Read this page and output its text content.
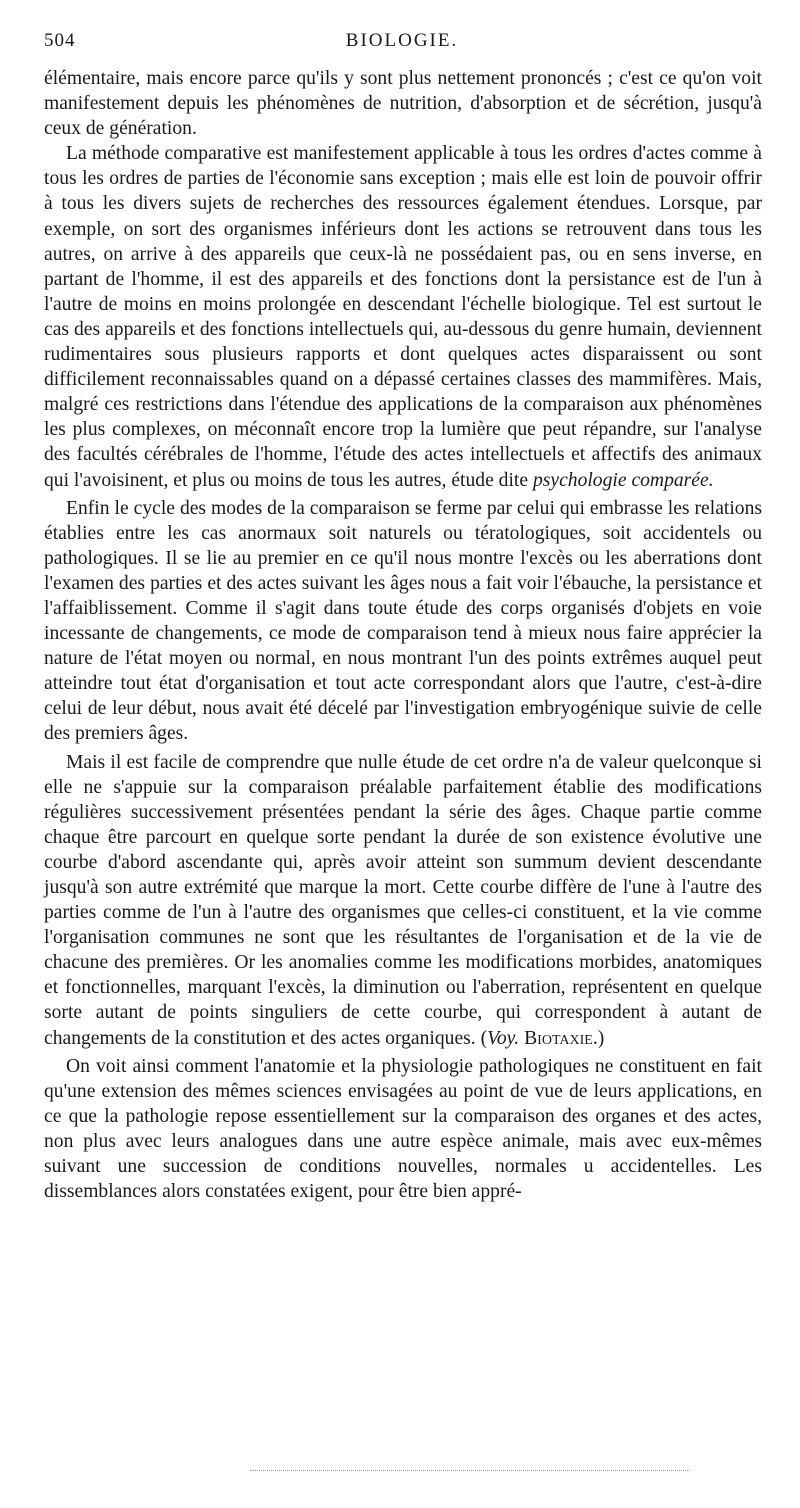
504	BIOLOGIE.

élémentaire, mais encore parce qu'ils y sont plus nettement prononcés ; c'est ce qu'on voit manifestement depuis les phénomènes de nutrition, d'absorption et de sécrétion, jusqu'à ceux de génération.

La méthode comparative est manifestement applicable à tous les ordres d'actes comme à tous les ordres de parties de l'économie sans exception ; mais elle est loin de pouvoir offrir à tous les divers sujets de recherches des ressources également étendues. Lorsque, par exemple, on sort des organismes inférieurs dont les actions se retrouvent dans tous les autres, on arrive à des appareils que ceux-là ne possédaient pas, ou en sens inverse, en partant de l'homme, il est des appareils et des fonctions dont la persistance est de l'un à l'autre de moins en moins prolongée en descendant l'échelle biologique. Tel est surtout le cas des appareils et des fonctions intellectuels qui, au-dessous du genre humain, deviennent rudimentaires sous plusieurs rapports et dont quelques actes disparaissent ou sont difficilement reconnaissables quand on a dépassé certaines classes des mammifères. Mais, malgré ces restrictions dans l'étendue des applications de la comparaison aux phénomènes les plus complexes, on méconnaît encore trop la lumière que peut répandre, sur l'analyse des facultés cérébrales de l'homme, l'étude des actes intellectuels et affectifs des animaux qui l'avoisinent, et plus ou moins de tous les autres, étude dite psychologie comparée.

Enfin le cycle des modes de la comparaison se ferme par celui qui embrasse les relations établies entre les cas anormaux soit naturels ou tératologiques, soit accidentels ou pathologiques. Il se lie au premier en ce qu'il nous montre l'excès ou les aberrations dont l'examen des parties et des actes suivant les âges nous a fait voir l'ébauche, la persistance et l'affaiblissement. Comme il s'agit dans toute étude des corps organisés d'objets en voie incessante de changements, ce mode de comparaison tend à mieux nous faire apprécier la nature de l'état moyen ou normal, en nous montrant l'un des points extrêmes auquel peut atteindre tout état d'organisation et tout acte correspondant alors que l'autre, c'est-à-dire celui de leur début, nous avait été décelé par l'investigation embryogénique suivie de celle des premiers âges.

Mais il est facile de comprendre que nulle étude de cet ordre n'a de valeur quelconque si elle ne s'appuie sur la comparaison préalable parfaitement établie des modifications régulières successivement présentées pendant la série des âges. Chaque partie comme chaque être parcourt en quelque sorte pendant la durée de son existence évolutive une courbe d'abord ascendante qui, après avoir atteint son summum devient descendante jusqu'à son autre extrémité que marque la mort. Cette courbe diffère de l'une à l'autre des parties comme de l'un à l'autre des organismes que celles-ci constituent, et la vie comme l'organisation communes ne sont que les résultantes de l'organisation et de la vie de chacune des premières. Or les anomalies comme les modifications morbides, anatomiques et fonctionnelles, marquant l'excès, la diminution ou l'aberration, représentent en quelque sorte autant de points singuliers de cette courbe, qui correspondent à autant de changements de la constitution et des actes organiques. (Voy. Biotaxie.)

On voit ainsi comment l'anatomie et la physiologie pathologiques ne constituent en fait qu'une extension des mêmes sciences envisagées au point de vue de leurs applications, en ce que la pathologie repose essentiellement sur la comparaison des organes et des actes, non plus avec leurs analogues dans une autre espèce animale, mais avec eux-mêmes suivant une succession de conditions nouvelles, normales u accidentelles. Les dissemblances alors constatées exigent, pour être bien appré-
